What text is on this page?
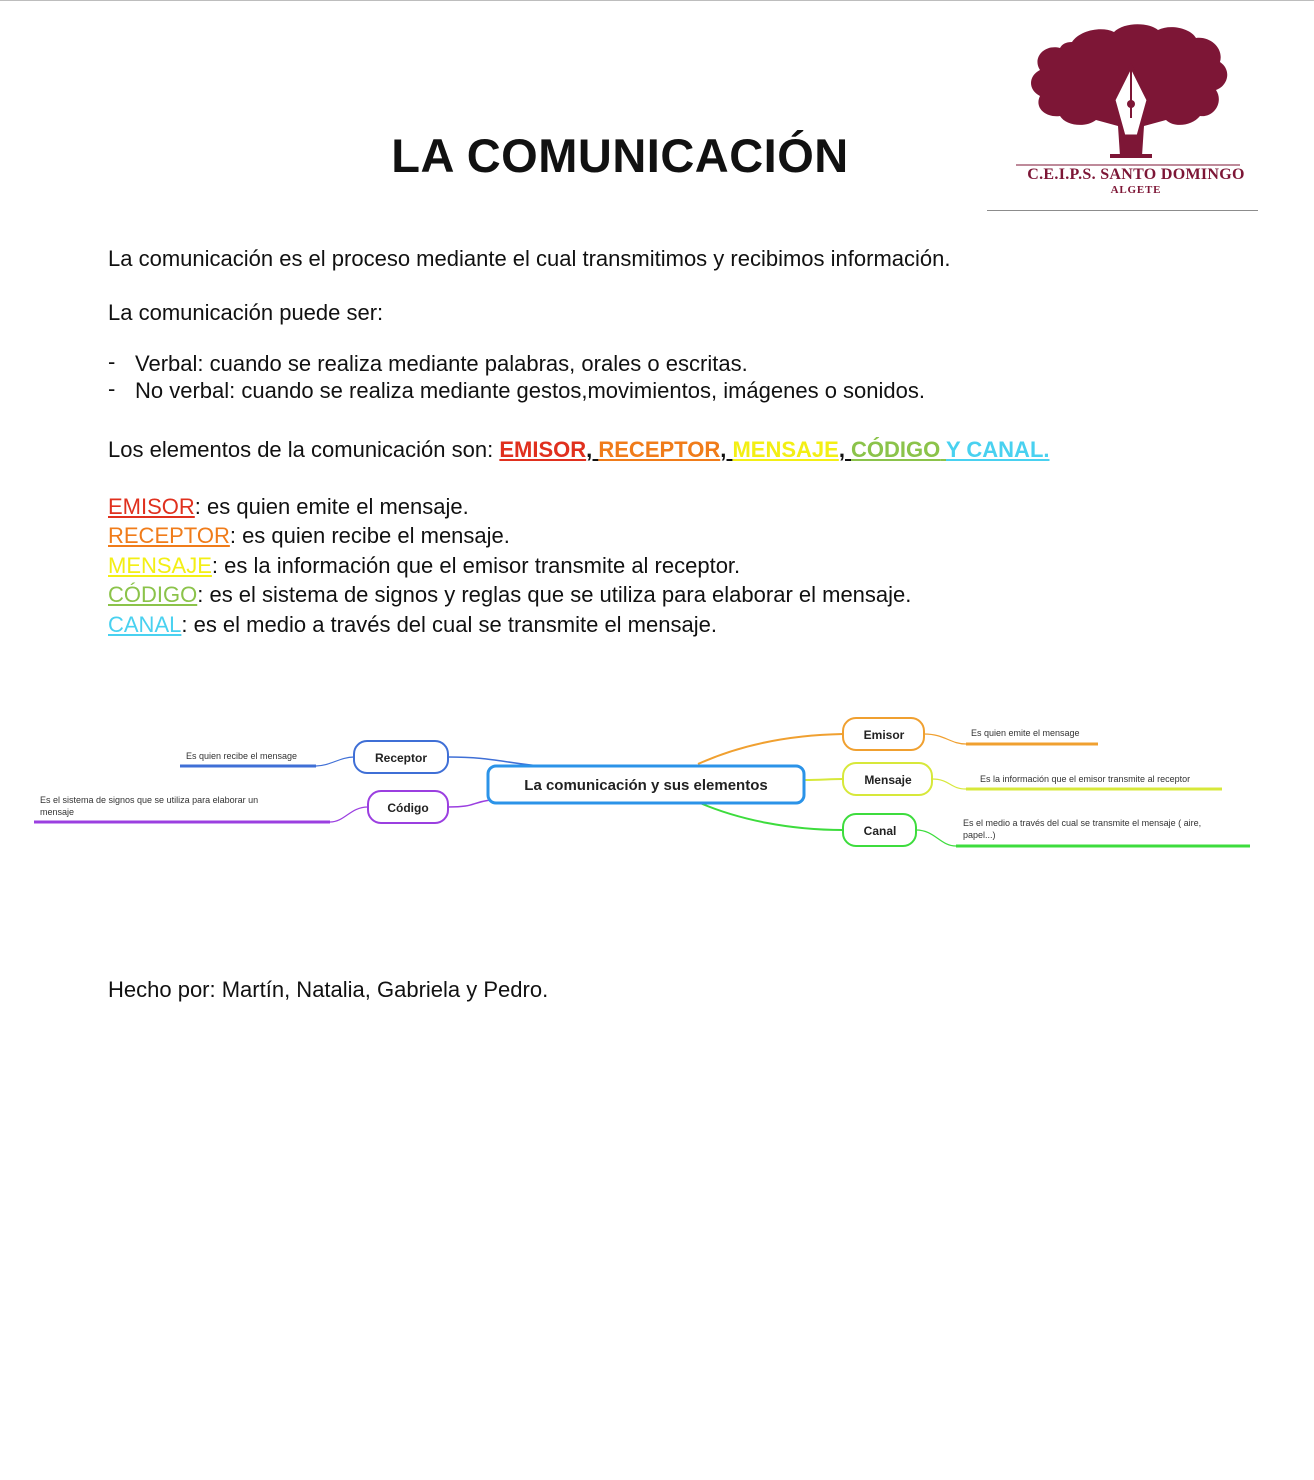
LA COMUNICACIÓN	C.E.I.P.S. SANTO DOMINGO
ALGETE

La comunicación es el proceso mediante el cual transmitimos y recibimos información.

La comunicación puede ser:

- Verbal: cuando se realiza mediante palabras, orales o escritas.
- No verbal: cuando se realiza mediante gestos,movimientos, imágenes o sonidos.

Los elementos de la comunicación son: EMISOR, RECEPTOR, MENSAJE, CÓDIGO Y CANAL.

EMISOR: es quien emite el mensaje.
RECEPTOR: es quien recibe el mensaje.
MENSAJE: es la información que el emisor transmite al receptor.
CÓDIGO: es el sistema de signos y reglas que se utiliza para elaborar el mensaje.
CANAL: es el medio a través del cual se transmite el mensaje.
La comunicación y sus elementos
Receptor
Código
Emisor
Mensaje
Canal
Es quien recibe el mensage
Es el sistema de signos que se utiliza para elaborar un
mensaje
Es quien emite el mensage
Es la información que el emisor transmite al receptor
Es el medio a través del cual se transmite el mensaje ( aire,
papel...)

Hecho por: Martín, Natalia, Gabriela y Pedro.
